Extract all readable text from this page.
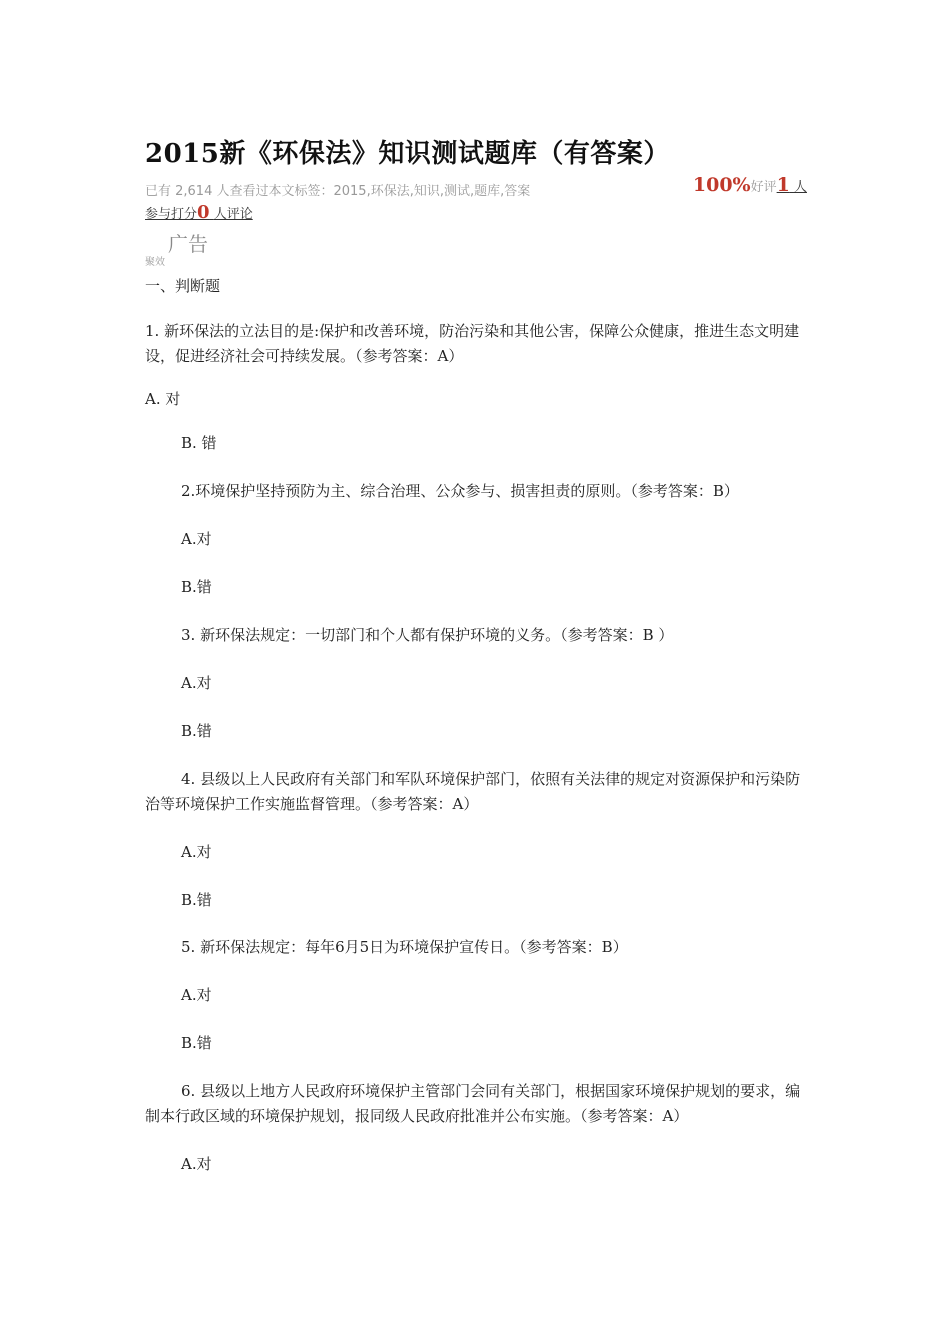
2015新《环保法》知识测试题库（有答案）
已有 2,614 人查看过本文标签：2015,环保法,知识,测试,题库,答案	100%好评1 人
参与打分0 人评论
广告
聚效
一、判断题
1. 新环保法的立法目的是:保护和改善环境，防治污染和其他公害，保障公众健康，推进生态文明建设，促进经济社会可持续发展。（参考答案：A）
A. 对
B. 错
2.环境保护坚持预防为主、综合治理、公众参与、损害担责的原则。（参考答案：B）
A.对
B.错
3. 新环保法规定：一切部门和个人都有保护环境的义务。（参考答案：B ）
A.对
B.错
4. 县级以上人民政府有关部门和军队环境保护部门，依照有关法律的规定对资源保护和污染防治等环境保护工作实施监督管理。（参考答案：A）
A.对
B.错
5. 新环保法规定：每年6月5日为环境保护宣传日。（参考答案：B）
A.对
B.错
6. 县级以上地方人民政府环境保护主管部门会同有关部门，根据国家环境保护规划的要求，编制本行政区域的环境保护规划，报同级人民政府批准并公布实施。（参考答案：A）
A.对
